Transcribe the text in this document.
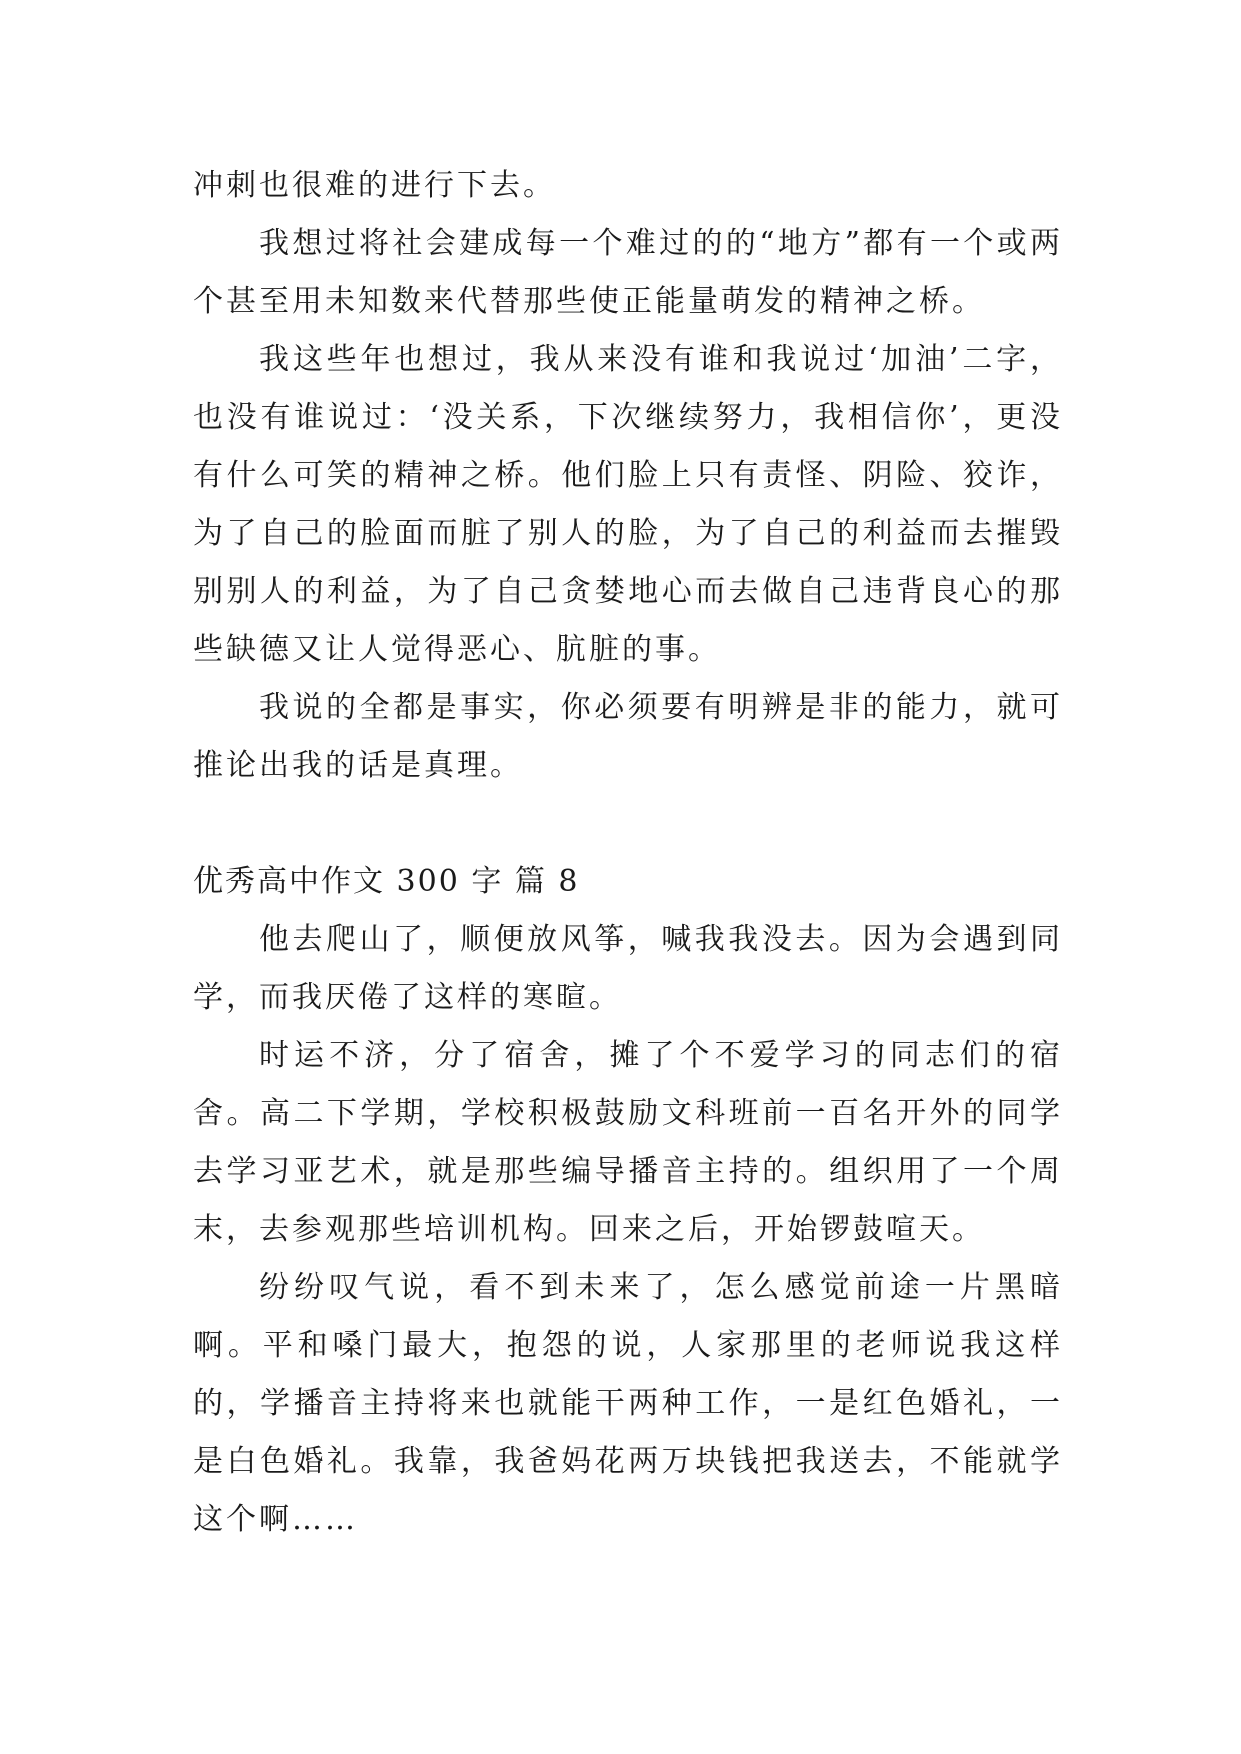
冲刺也很难的进行下去。

我想过将社会建成每一个难过的的“地方”都有一个或两个甚至用未知数来代替那些使正能量萌发的精神之桥。

我这些年也想过，我从来没有谁和我说过‘加油’二字，也没有谁说过：‘没关系，下次继续努力，我相信你’，更没有什么可笑的精神之桥。他们脸上只有责怪、阴险、狡诈，为了自己的脸面而脏了别人的脸，为了自己的利益而去摧毁别别人的利益，为了自己贪婪地心而去做自己违背良心的那些缺德又让人觉得恶心、肮脏的事。

我说的全都是事实，你必须要有明辨是非的能力，就可推论出我的话是真理。

优秀高中作文 300 字 篇 8

他去爬山了，顺便放风筝，喊我我没去。因为会遇到同学，而我厌倦了这样的寒暄。

时运不济，分了宿舍，摊了个不爱学习的同志们的宿舍。高二下学期，学校积极鼓励文科班前一百名开外的同学去学习亚艺术，就是那些编导播音主持的。组织用了一个周末，去参观那些培训机构。回来之后，开始锣鼓喧天。

纷纷叹气说，看不到未来了，怎么感觉前途一片黑暗啊。平和嗓门最大，抱怨的说，人家那里的老师说我这样的，学播音主持将来也就能干两种工作，一是红色婚礼，一是白色婚礼。我靠，我爸妈花两万块钱把我送去，不能就学这个啊……
